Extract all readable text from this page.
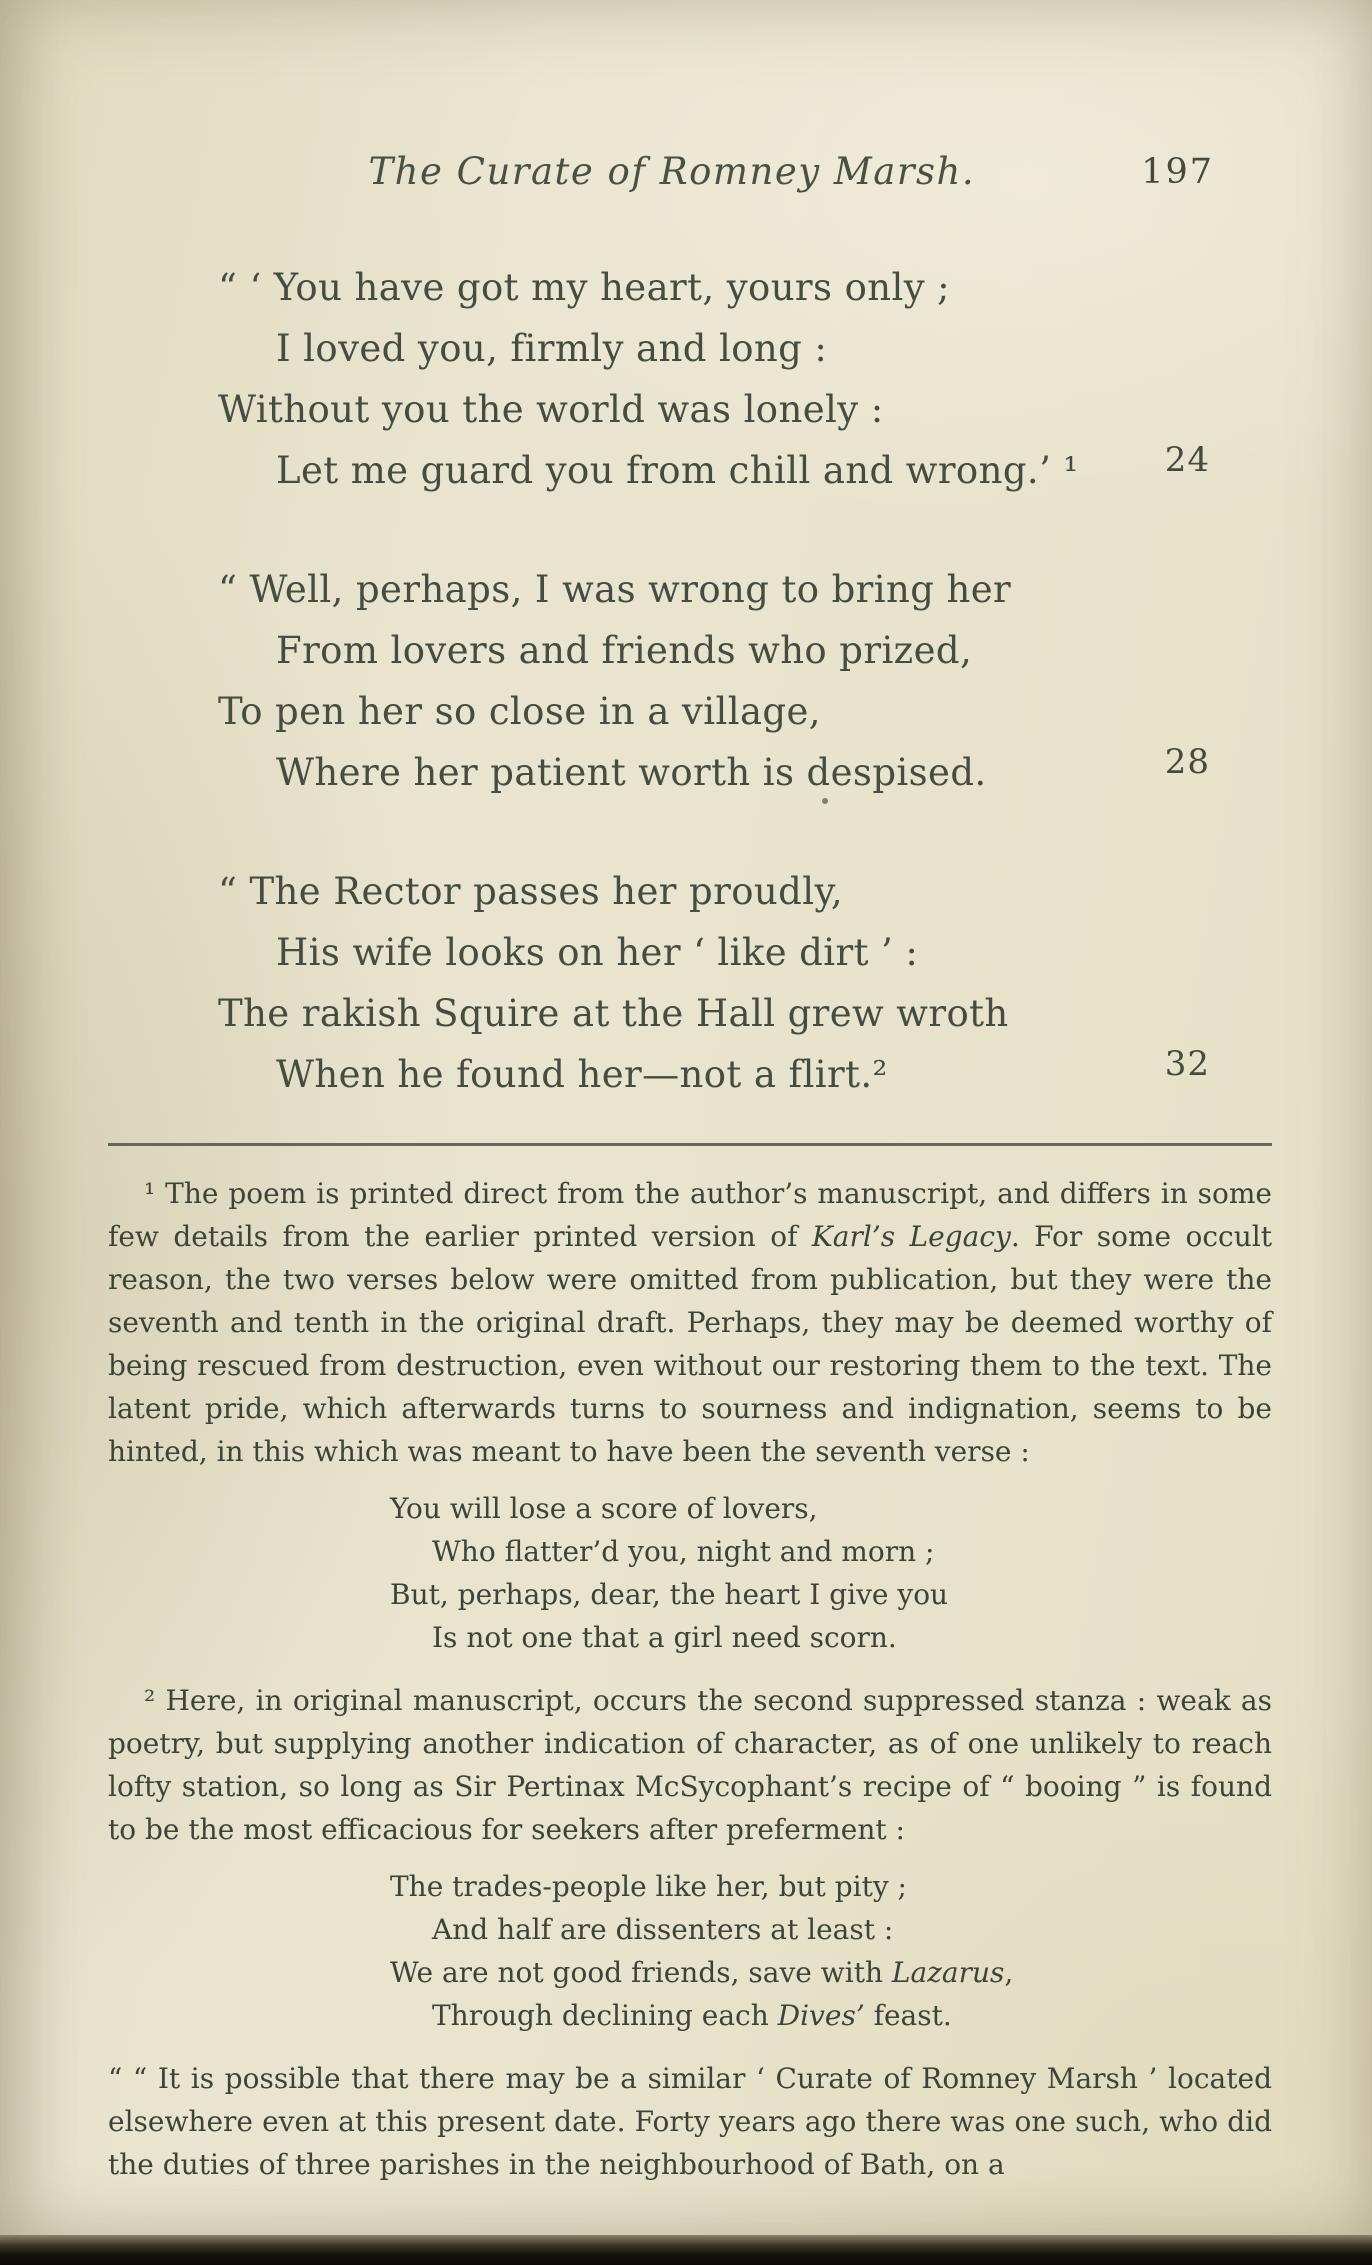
The Curate of Romney Marsh.	197
“ ‘ You have got my heart, yours only ;
I loved you, firmly and long :
Without you the world was lonely :
Let me guard you from chill and wrong.’ ¹	24
“ Well, perhaps, I was wrong to bring her
From lovers and friends who prized,
To pen her so close in a village,
Where her patient worth is despised.	28
“ The Rector passes her proudly,
His wife looks on her ‘ like dirt ’ :
The rakish Squire at the Hall grew wroth
When he found her—not a flirt.²	32

¹ The poem is printed direct from the author’s manuscript, and differs in some few details from the earlier printed version of Karl’s Legacy. For some occult reason, the two verses below were omitted from publication, but they were the seventh and tenth in the original draft. Perhaps, they may be deemed worthy of being rescued from destruction, even without our restoring them to the text. The latent pride, which afterwards turns to sourness and indignation, seems to be hinted, in this which was meant to have been the seventh verse :

You will lose a score of lovers,
Who flatter’d you, night and morn ;
But, perhaps, dear, the heart I give you
Is not one that a girl need scorn.

² Here, in original manuscript, occurs the second suppressed stanza : weak as poetry, but supplying another indication of character, as of one unlikely to reach lofty station, so long as Sir Pertinax McSycophant’s recipe of “ booing ” is found to be the most efficacious for seekers after preferment :

The trades-people like her, but pity ;
And half are dissenters at least :
We are not good friends, save with Lazarus,
Through declining each Dives’ feast.

“ “ It is possible that there may be a similar ‘ Curate of Romney Marsh ’ located elsewhere even at this present date. Forty years ago there was one such, who did the duties of three parishes in the neighbourhood of Bath, on a
